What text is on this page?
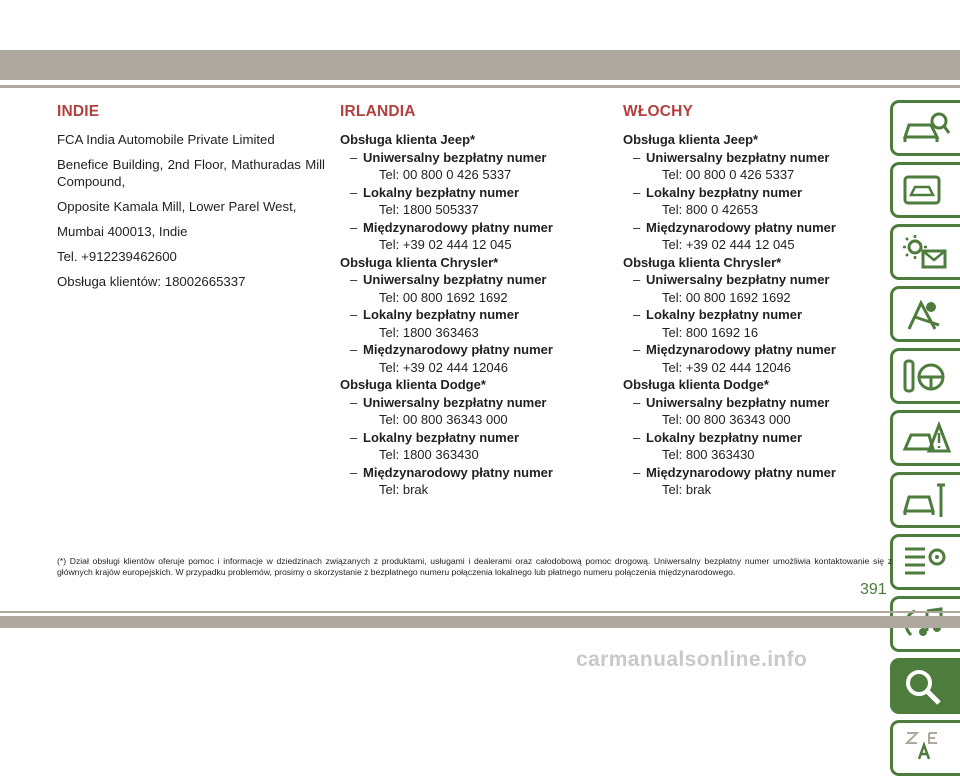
INDIE

FCA India Automobile Private Limited

Benefice Building, 2nd Floor, Mathuradas Mill Compound,

Opposite Kamala Mill, Lower Parel West,

Mumbai 400013, Indie

Tel. +912239462600

Obsługa klientów: 18002665337

IRLANDIA
Obsługa klienta Jeep*
– Uniwersalny bezpłatny numer
Tel: 00 800 0 426 5337
– Lokalny bezpłatny numer
Tel: 1800 505337
– Międzynarodowy płatny numer
Tel: +39 02 444 12 045
Obsługa klienta Chrysler*
– Uniwersalny bezpłatny numer
Tel: 00 800 1692 1692
– Lokalny bezpłatny numer
Tel: 1800 363463
– Międzynarodowy płatny numer
Tel: +39 02 444 12046
Obsługa klienta Dodge*
– Uniwersalny bezpłatny numer
Tel: 00 800 36343 000
– Lokalny bezpłatny numer
Tel: 1800 363430
– Międzynarodowy płatny numer
Tel: brak
WŁOCHY
Obsługa klienta Jeep*
– Uniwersalny bezpłatny numer
Tel: 00 800 0 426 5337
– Lokalny bezpłatny numer
Tel: 800 0 42653
– Międzynarodowy płatny numer
Tel: +39 02 444 12 045
Obsługa klienta Chrysler*
– Uniwersalny bezpłatny numer
Tel: 00 800 1692 1692
– Lokalny bezpłatny numer
Tel: 800 1692 16
– Międzynarodowy płatny numer
Tel: +39 02 444 12046
Obsługa klienta Dodge*
– Uniwersalny bezpłatny numer
Tel: 00 800 36343 000
– Lokalny bezpłatny numer
Tel: 800 363430
– Międzynarodowy płatny numer
Tel: brak
(*) Dział obsługi klientów oferuje pomoc i informacje w dziedzinach związanych z produktami, usługami i dealerami oraz całodobową pomoc drogową. Uniwersalny bezpłatny numer umożliwia kontaktowanie się z głównych krajów europejskich. W przypadku problemów, prosimy o skorzystanie z bezpłatnego numeru połączenia lokalnego lub płatnego numeru połączenia międzynarodowego.
391
carmanualsonline.info
